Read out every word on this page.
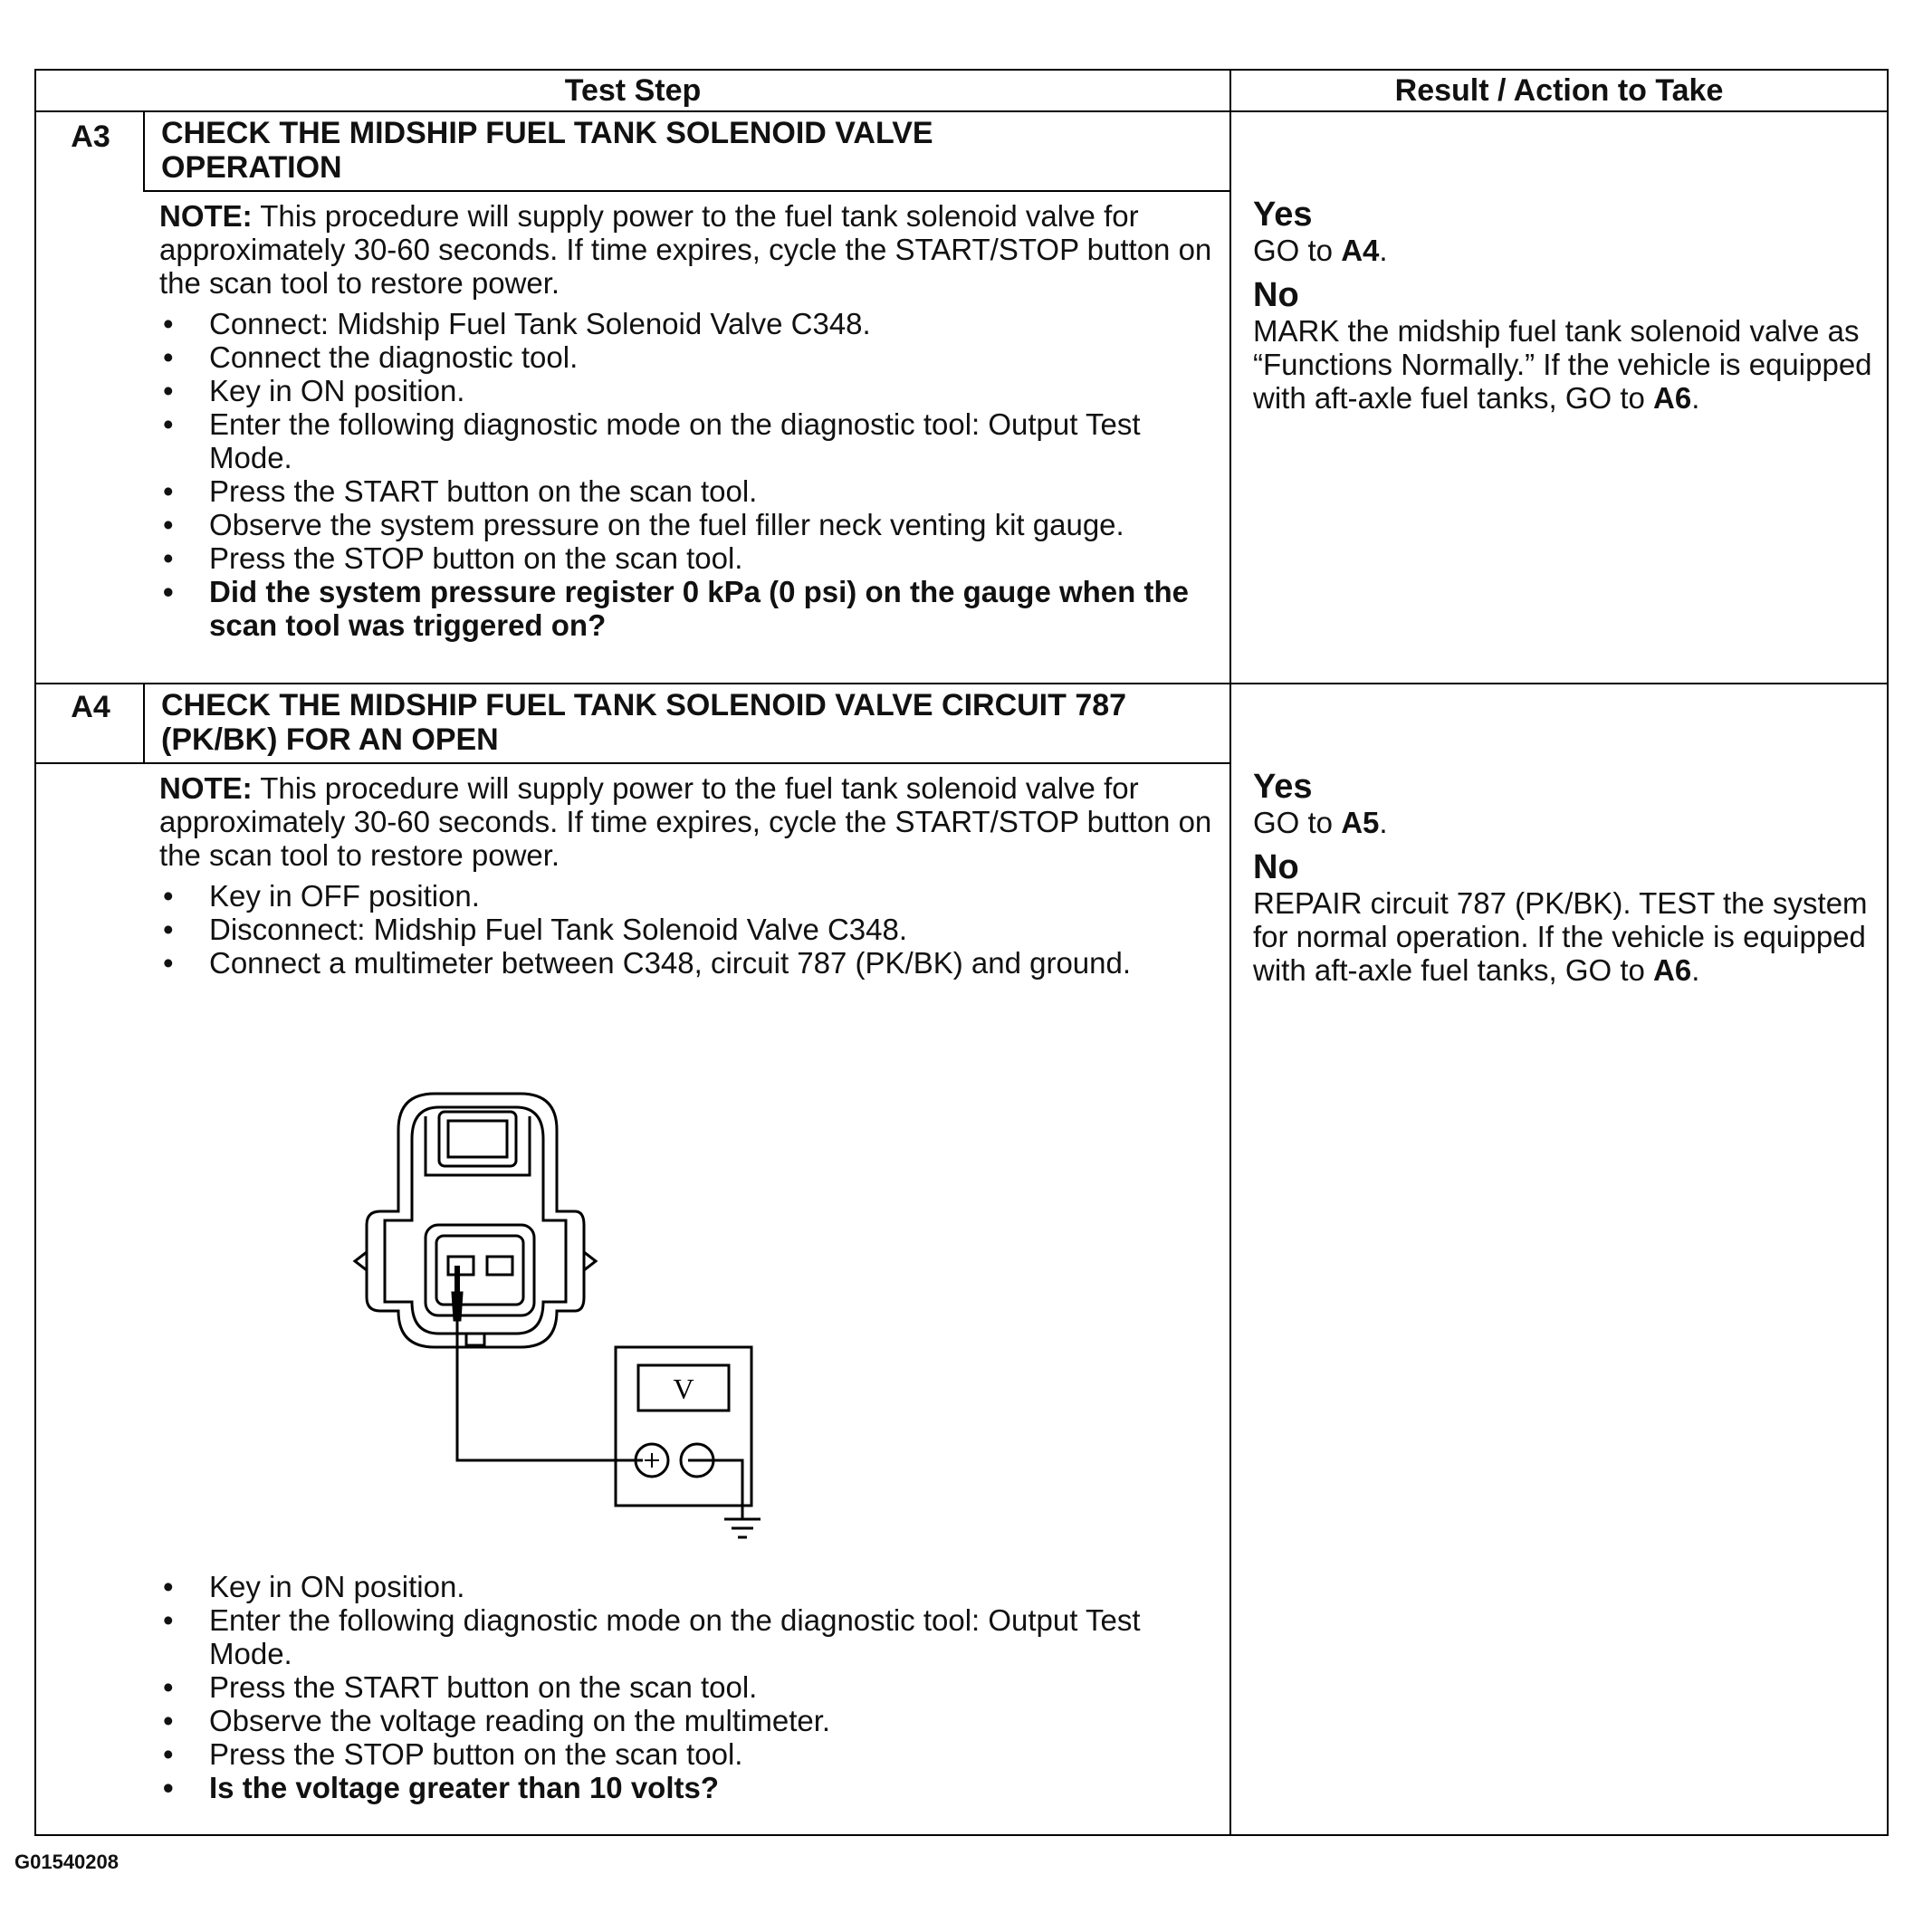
Test Step	Result / Action to Take
A3	CHECK THE MIDSHIP FUEL TANK SOLENOID VALVE OPERATION
NOTE: This procedure will supply power to the fuel tank solenoid valve for approximately 30-60 seconds. If time expires, cycle the START/STOP button on the scan tool to restore power.
• Connect: Midship Fuel Tank Solenoid Valve C348.
• Connect the diagnostic tool.
• Key in ON position.
• Enter the following diagnostic mode on the diagnostic tool: Output Test Mode.
• Press the START button on the scan tool.
• Observe the system pressure on the fuel filler neck venting kit gauge.
• Press the STOP button on the scan tool.
• Did the system pressure register 0 kPa (0 psi) on the gauge when the scan tool was triggered on?
Yes
GO to A4.
No
MARK the midship fuel tank solenoid valve as “Functions Normally.” If the vehicle is equipped with aft-axle fuel tanks, GO to A6.
A4	CHECK THE MIDSHIP FUEL TANK SOLENOID VALVE CIRCUIT 787 (PK/BK) FOR AN OPEN
NOTE: This procedure will supply power to the fuel tank solenoid valve for approximately 30-60 seconds. If time expires, cycle the START/STOP button on the scan tool to restore power.
• Key in OFF position.
• Disconnect: Midship Fuel Tank Solenoid Valve C348.
• Connect a multimeter between C348, circuit 787 (PK/BK) and ground.
• Key in ON position.
• Enter the following diagnostic mode on the diagnostic tool: Output Test Mode.
• Press the START button on the scan tool.
• Observe the voltage reading on the multimeter.
• Press the STOP button on the scan tool.
• Is the voltage greater than 10 volts?
Yes
GO to A5.
No
REPAIR circuit 787 (PK/BK). TEST the system for normal operation. If the vehicle is equipped with aft-axle fuel tanks, GO to A6.
V
G01540208
